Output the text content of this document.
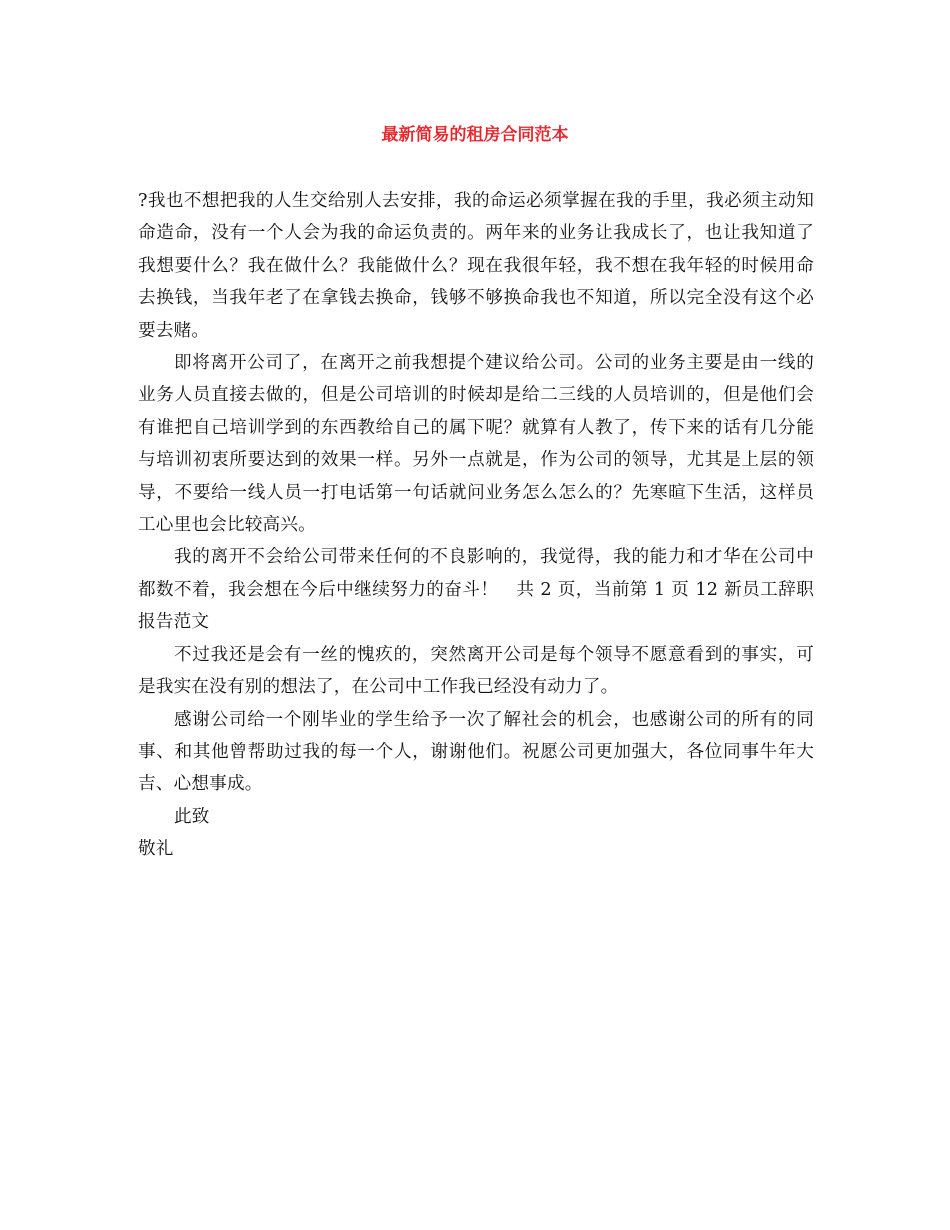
最新简易的租房合同范本

?我也不想把我的人生交给别人去安排，我的命运必须掌握在我的手里，我必须主动知命造命，没有一个人会为我的命运负责的。两年来的业务让我成长了，也让我知道了我想要什么？我在做什么？我能做什么？现在我很年轻，我不想在我年轻的时候用命去换钱，当我年老了在拿钱去换命，钱够不够换命我也不知道，所以完全没有这个必要去赌。

即将离开公司了，在离开之前我想提个建议给公司。公司的业务主要是由一线的业务人员直接去做的，但是公司培训的时候却是给二三线的人员培训的，但是他们会有谁把自己培训学到的东西教给自己的属下呢？就算有人教了，传下来的话有几分能与培训初衷所要达到的效果一样。另外一点就是，作为公司的领导，尤其是上层的领导，不要给一线人员一打电话第一句话就问业务怎么怎么的？先寒暄下生活，这样员工心里也会比较高兴。

我的离开不会给公司带来任何的不良影响的，我觉得，我的能力和才华在公司中都数不着，我会想在今后中继续努力的奋斗！　共 2 页，当前第 1 页 12 新员工辞职报告范文

不过我还是会有一丝的愧疚的，突然离开公司是每个领导不愿意看到的事实，可是我实在没有别的想法了，在公司中工作我已经没有动力了。

感谢公司给一个刚毕业的学生给予一次了解社会的机会，也感谢公司的所有的同事、和其他曾帮助过我的每一个人，谢谢他们。祝愿公司更加强大，各位同事牛年大吉、心想事成。

此致

敬礼
